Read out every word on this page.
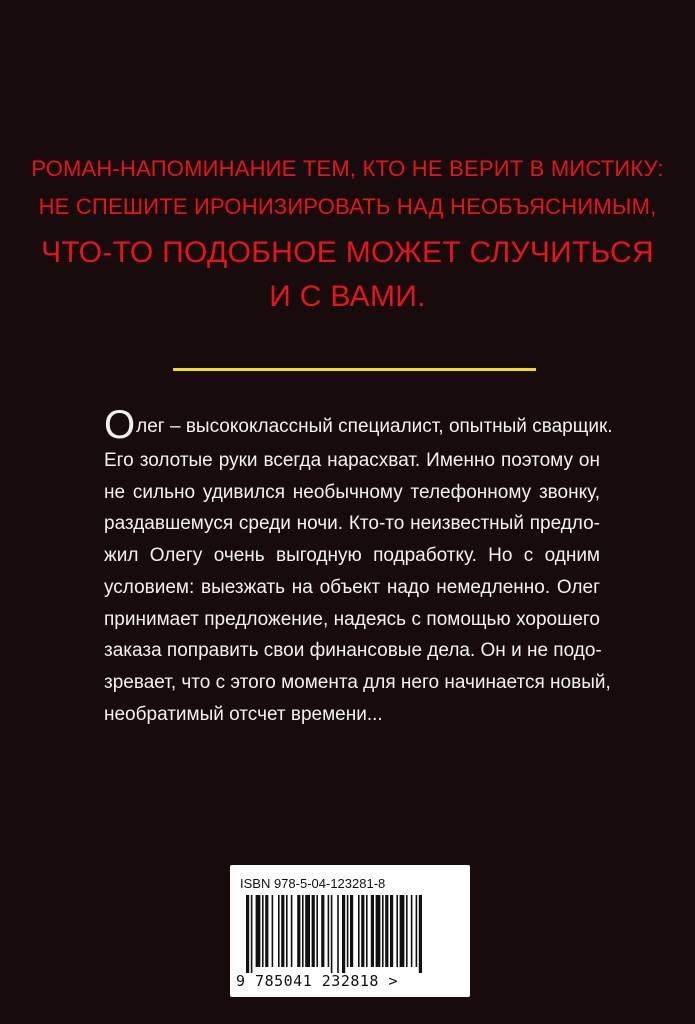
РОМАН-НАПОМИНАНИЕ ТЕМ, КТО НЕ ВЕРИТ В МИСТИКУ:

НЕ СПЕШИТЕ ИРОНИЗИРОВАТЬ НАД НЕОБЪЯСНИМЫМ,

ЧТО-ТО ПОДОБНОЕ МОЖЕТ СЛУЧИТЬСЯ

И С ВАМИ.

Олег – высококлассный специалист, опытный сварщик.
Его золотые руки всегда нарасхват. Именно поэтому он
не сильно удивился необычному телефонному звонку,
раздавшемуся среди ночи. Кто-то неизвестный предло-
жил Олегу очень выгодную подработку. Но с одним
условием: выезжать на объект надо немедленно. Олег
принимает предложение, надеясь с помощью хорошего
заказа поправить свои финансовые дела. Он и не подо-
зревает, что с этого момента для него начинается новый,
необратимый отсчет времени...
ISBN 978-5-04-123281-8
9 785041 232818 >
